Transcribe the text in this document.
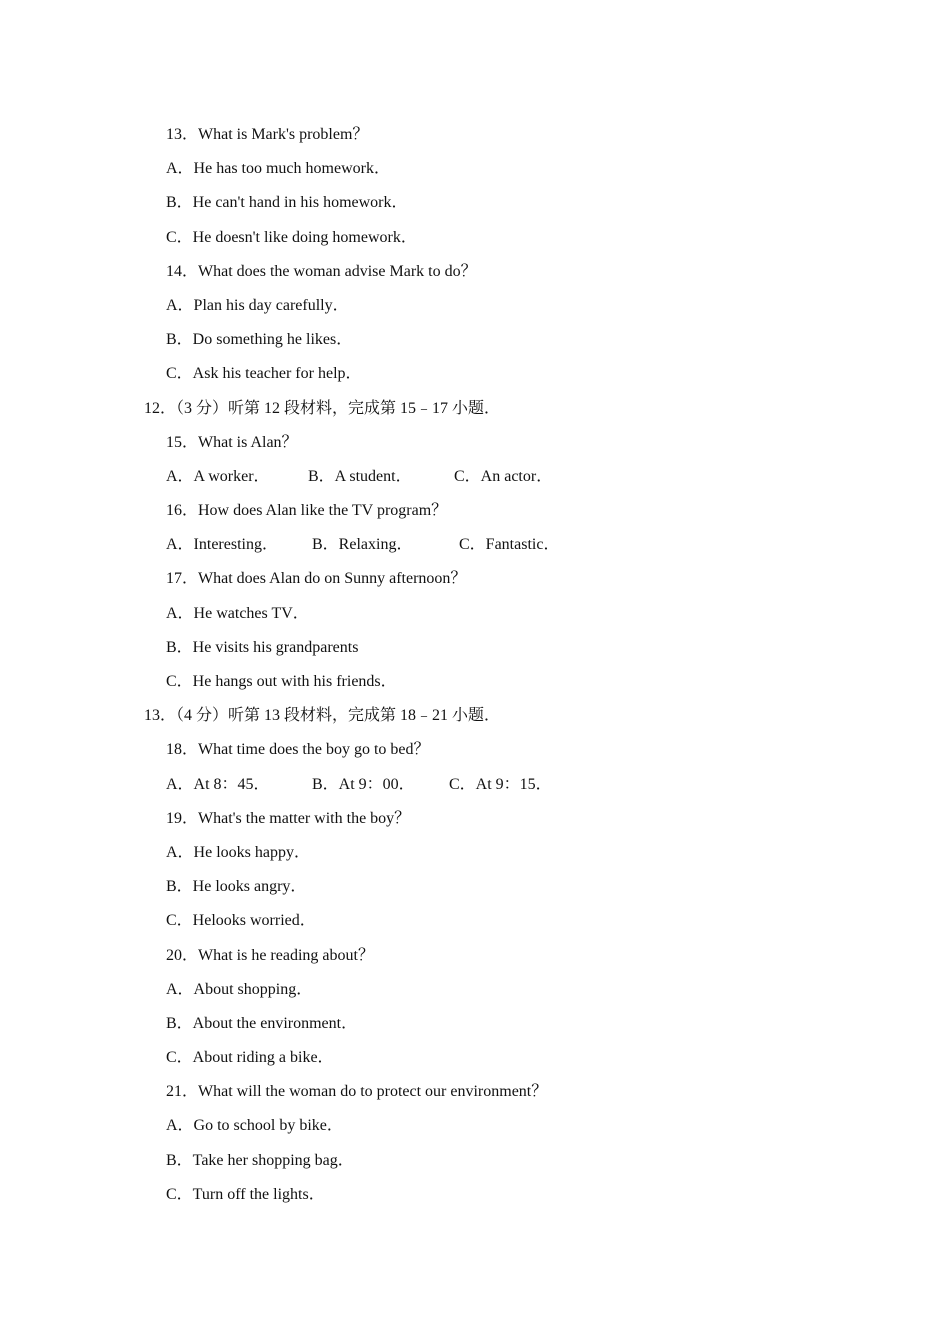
13．What is Mark's problem？
A．He has too much homework．
B．He can't hand in his homework．
C．He doesn't like doing homework．
14．What does the woman advise Mark to do？
A．Plan his day carefully．
B．Do something he likes．
C．Ask his teacher for help．
12．（3 分）听第 12 段材料，完成第 15﹣17 小题．
15．What is Alan？
A．A worker． B．A student．	C．An actor．
16．How does Alan like the TV program？
A．Interesting． B．Relaxing．	C．Fantastic．
17．What does Alan do on Sunny afternoon？
A．He watches TV．
B．He visits his grandparents
C．He hangs out with his friends．
13．（4 分）听第 13 段材料，完成第 18﹣21 小题．
18．What time does the boy go to bed？
A．At 8：45．	B．At 9：00． C．At 9：15．
19．What's the matter with the boy？
A．He looks happy．
B．He looks angry．
C．Helooks worried．
20．What is he reading about？
A．About shopping．
B．About the environment．
C．About riding a bike．
21．What will the woman do to protect our environment？
A．Go to school by bike．
B．Take her shopping bag．
C．Turn off the lights．
